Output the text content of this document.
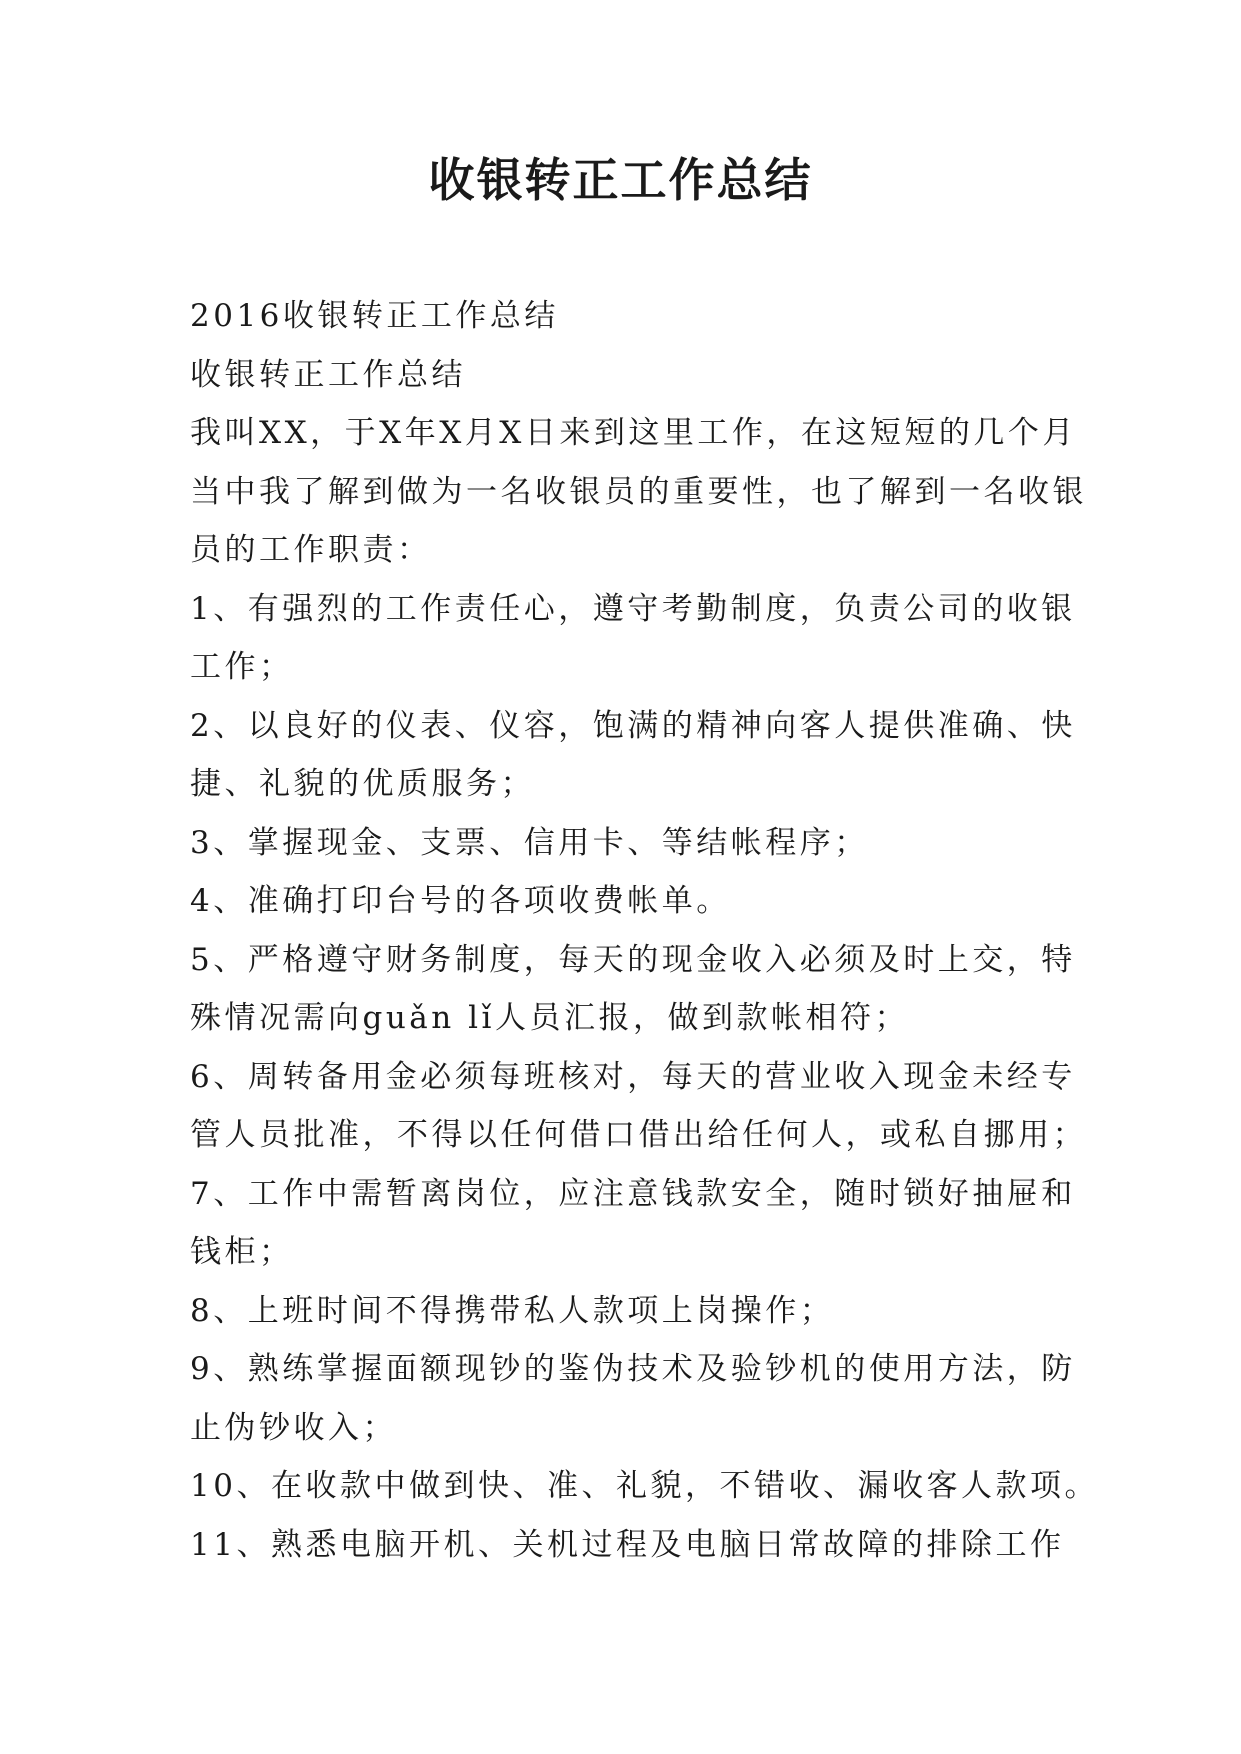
收银转正工作总结

2016收银转正工作总结

收银转正工作总结

我叫XX，于X年X月X日来到这里工作，在这短短的几个月

当中我了解到做为一名收银员的重要性，也了解到一名收银

员的工作职责：

1、有强烈的工作责任心，遵守考勤制度，负责公司的收银

工作；

2、以良好的仪表、仪容，饱满的精神向客人提供准确、快

捷、礼貌的优质服务；

3、掌握现金、支票、信用卡、等结帐程序；

4、准确打印台号的各项收费帐单。

5、严格遵守财务制度，每天的现金收入必须及时上交，特

殊情况需向guǎn lǐ人员汇报，做到款帐相符；

6、周转备用金必须每班核对，每天的营业收入现金未经专

管人员批准，不得以任何借口借出给任何人，或私自挪用；

7、工作中需暂离岗位，应注意钱款安全，随时锁好抽屉和

钱柜；

8、上班时间不得携带私人款项上岗操作；

9、熟练掌握面额现钞的鉴伪技术及验钞机的使用方法，防

止伪钞收入；

10、在收款中做到快、准、礼貌，不错收、漏收客人款项。

11、熟悉电脑开机、关机过程及电脑日常故障的排除工作
